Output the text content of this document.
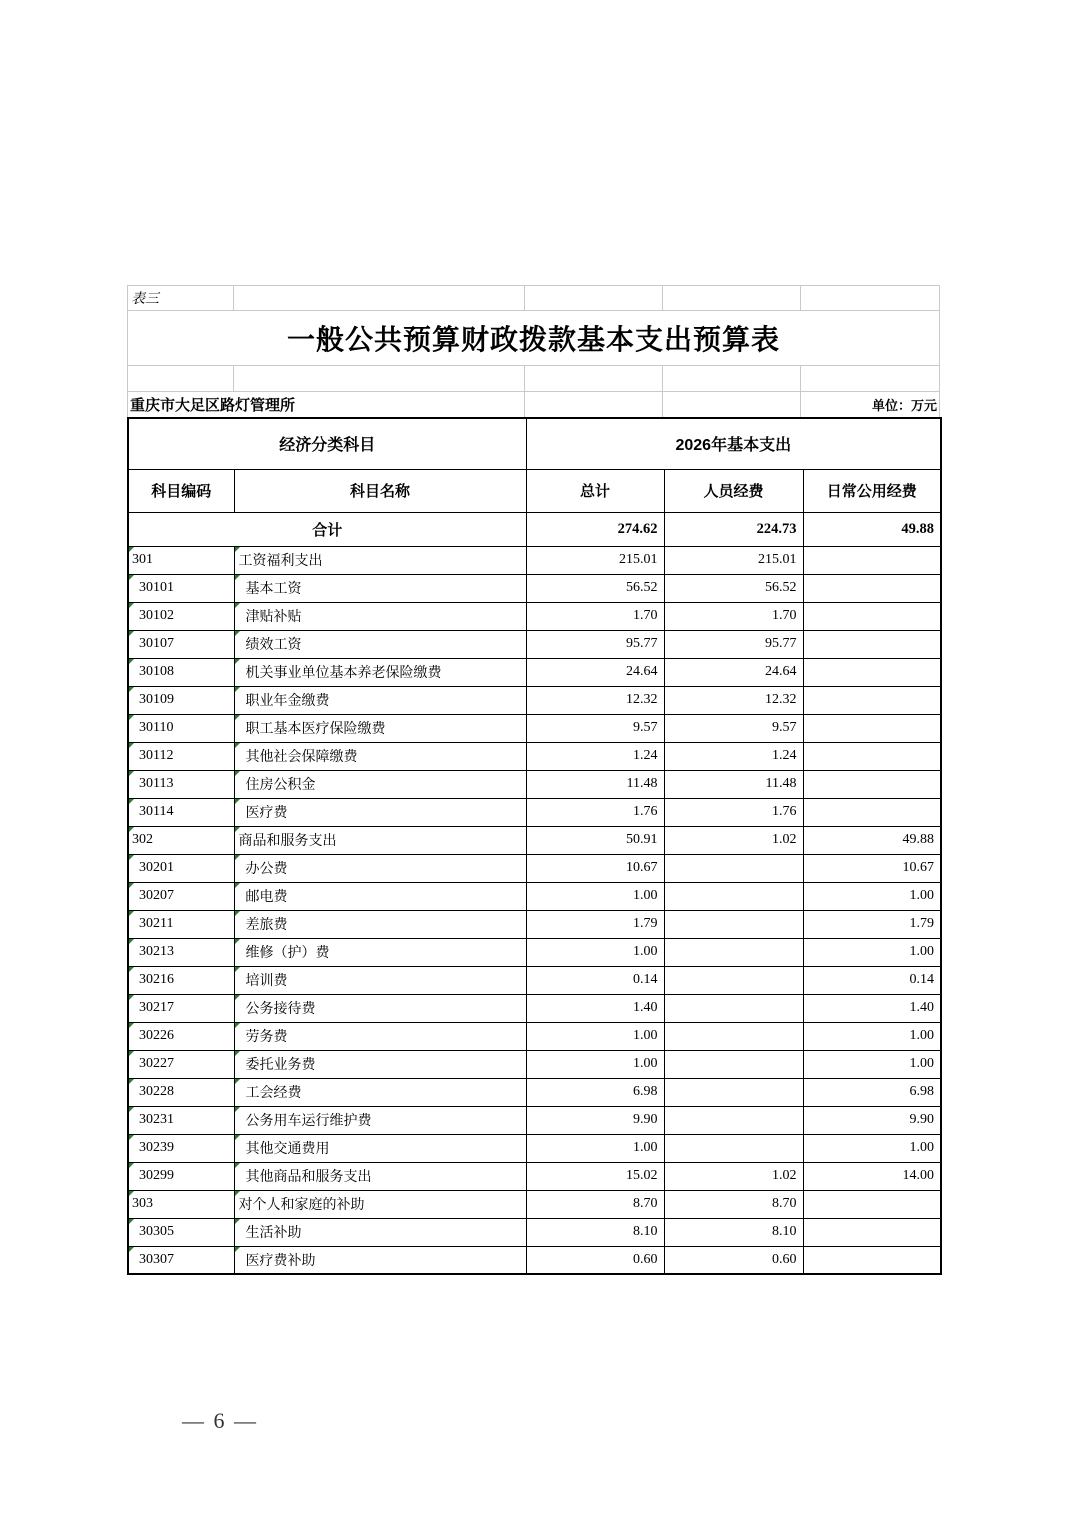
表三
一般公共预算财政拨款基本支出预算表
重庆市大足区路灯管理所	单位：万元
经济分类科目		2026年基本支出		
科目编码	科目名称	总计	人员经费	日常公用经费
合计		274.62	224.73	49.88

301	工资福利支出	215.01	215.01	

30101	基本工资	56.52	56.52	

30102	津贴补贴	1.70	1.70	

30107	绩效工资	95.77	95.77	

30108	机关事业单位基本养老保险缴费	24.64	24.64	

30109	职业年金缴费	12.32	12.32	

30110	职工基本医疗保险缴费	9.57	9.57	

30112	其他社会保障缴费	1.24	1.24	

30113	住房公积金	11.48	11.48	

30114	医疗费	1.76	1.76	

302	商品和服务支出	50.91	1.02	49.88

30201	办公费	10.67		10.67

30207	邮电费	1.00		1.00

30211	差旅费	1.79		1.79

30213	维修（护）费	1.00		1.00

30216	培训费	0.14		0.14

30217	公务接待费	1.40		1.40

30226	劳务费	1.00		1.00

30227	委托业务费	1.00		1.00

30228	工会经费	6.98		6.98

30231	公务用车运行维护费	9.90		9.90

30239	其他交通费用	1.00		1.00

30299	其他商品和服务支出	15.02	1.02	14.00

303	对个人和家庭的补助	8.70	8.70	

30305	生活补助	8.10	8.10	

30307	医疗费补助	0.60	0.60	
— 6 —
